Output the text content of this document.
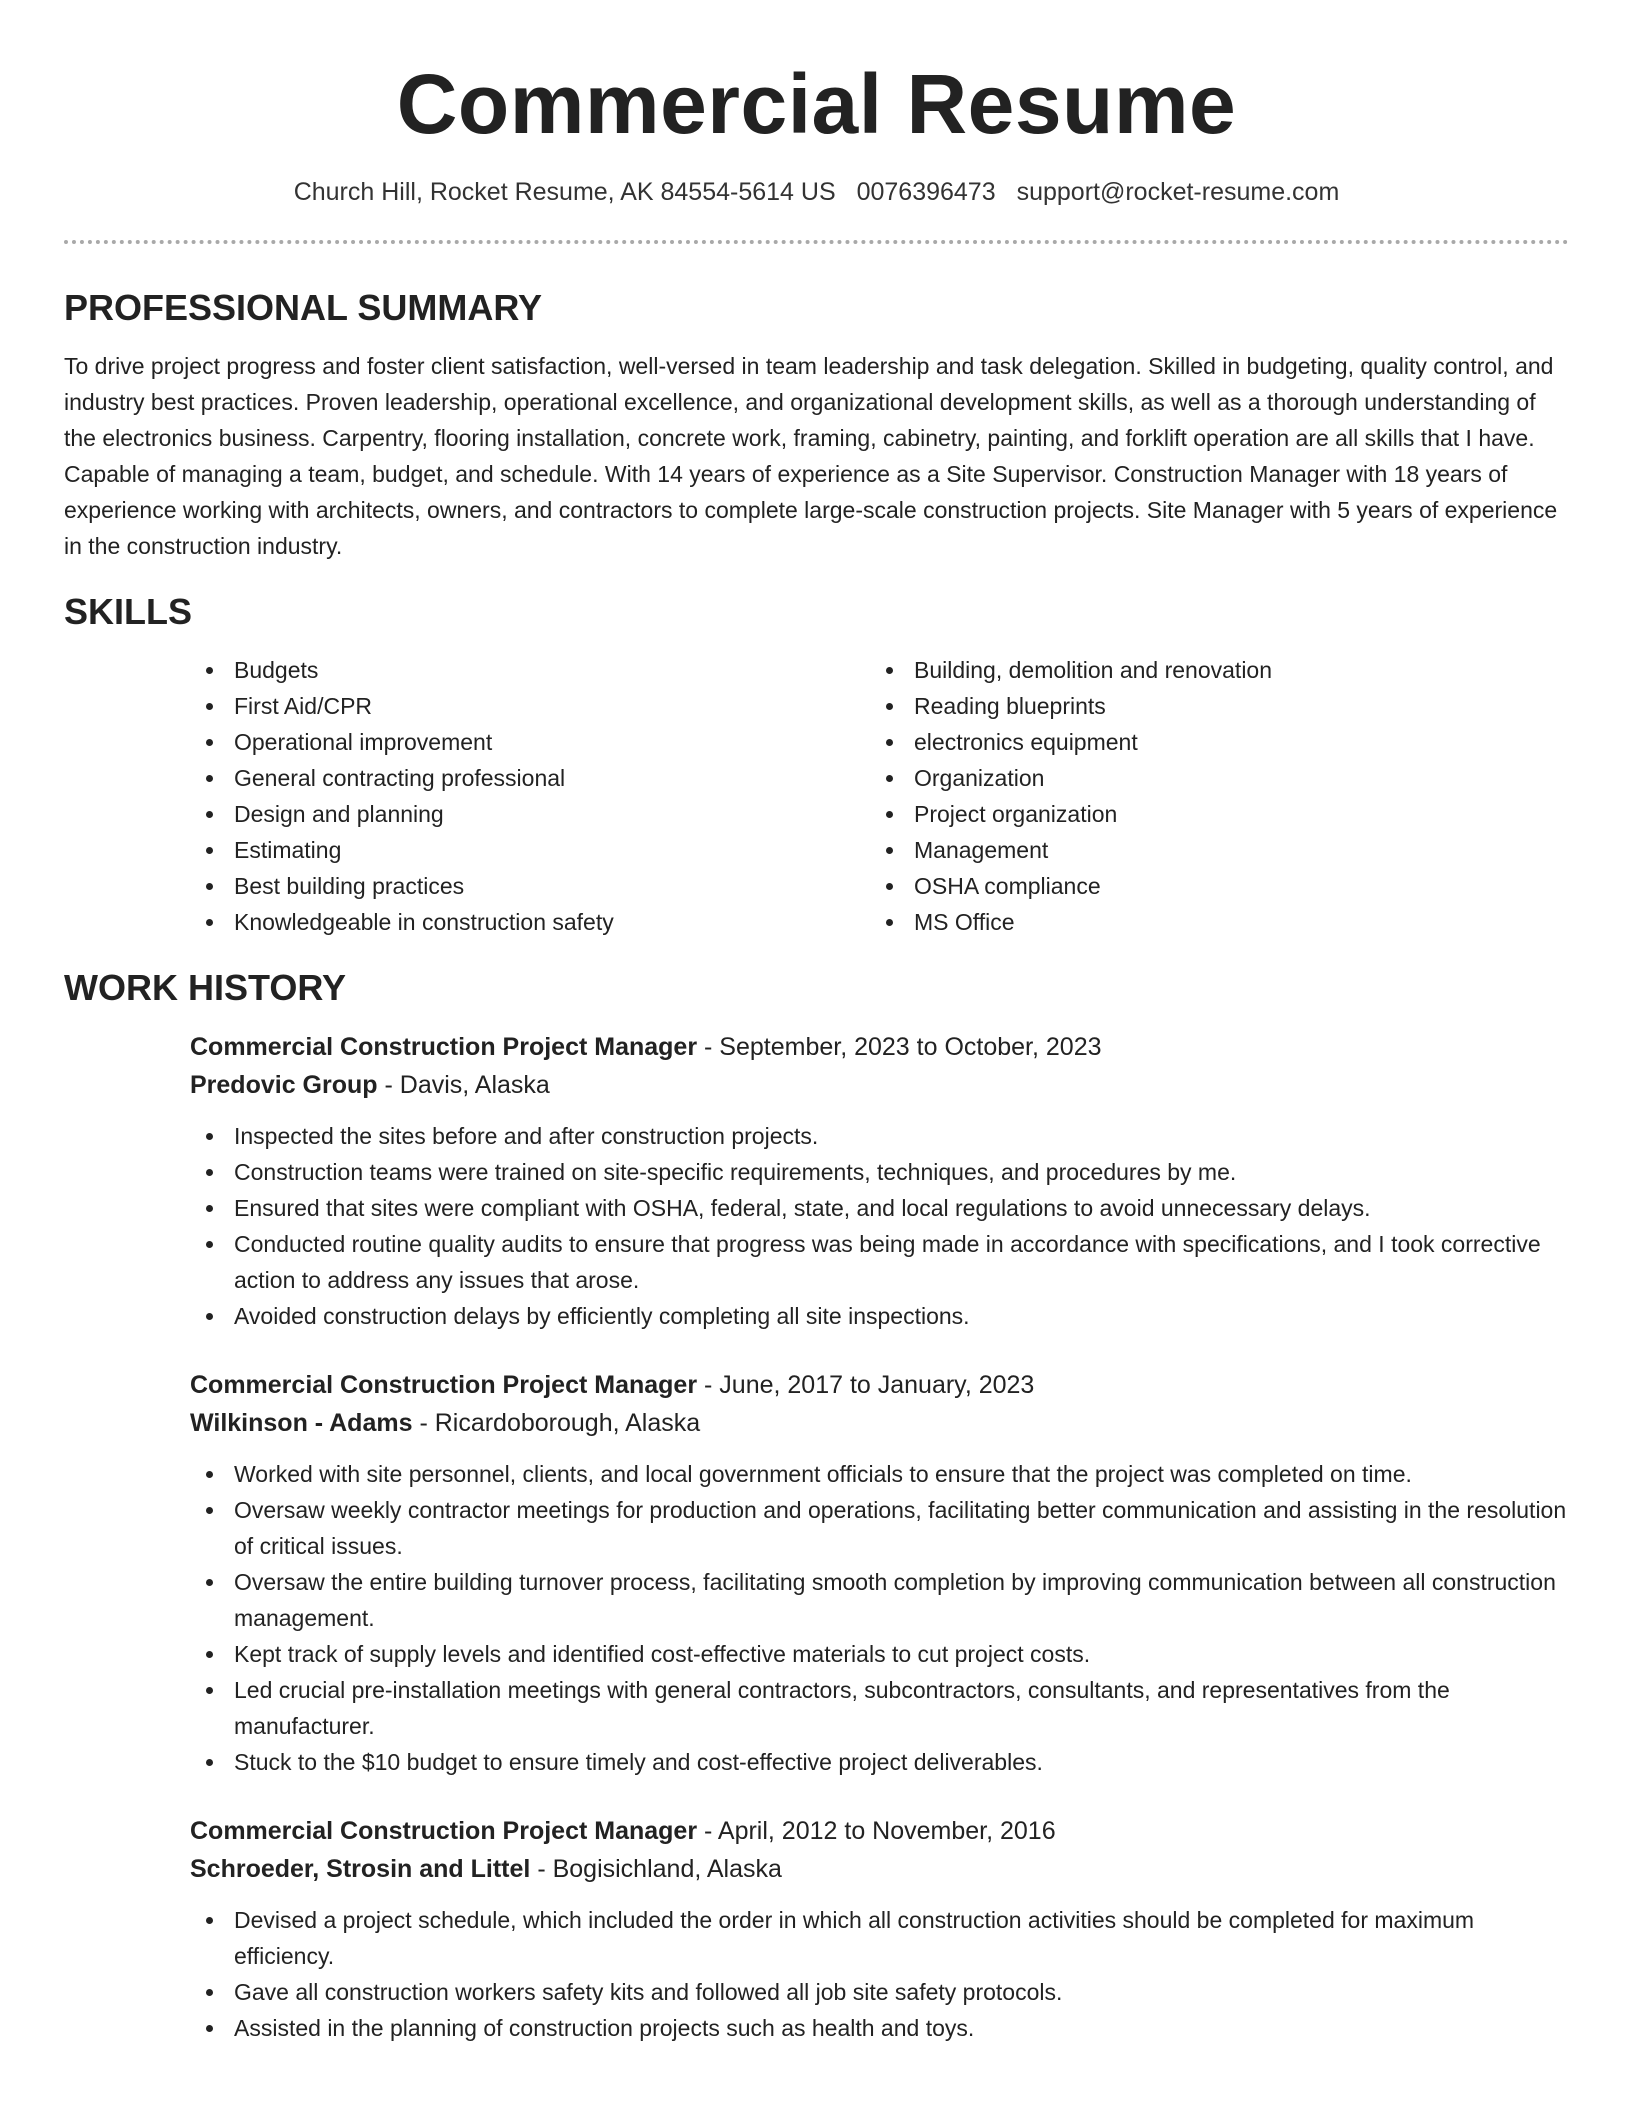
Commercial Resume
Church Hill, Rocket Resume, AK 84554-5614 US 0076396473 support@rocket-resume.com
PROFESSIONAL SUMMARY

To drive project progress and foster client satisfaction, well-versed in team leadership and task delegation. Skilled in budgeting, quality control, and industry best practices. Proven leadership, operational excellence, and organizational development skills, as well as a thorough understanding of the electronics business. Carpentry, flooring installation, concrete work, framing, cabinetry, painting, and forklift operation are all skills that I have. Capable of managing a team, budget, and schedule. With 14 years of experience as a Site Supervisor. Construction Manager with 18 years of experience working with architects, owners, and contractors to complete large-scale construction projects. Site Manager with 5 years of experience in the construction industry.

SKILLS
Budgets
First Aid/CPR
Operational improvement
General contracting professional
Design and planning
Estimating
Best building practices
Knowledgeable in construction safety
Building, demolition and renovation
Reading blueprints
electronics equipment
Organization
Project organization
Management
OSHA compliance
MS Office
WORK HISTORY
Commercial Construction Project Manager - September, 2023 to October, 2023
Predovic Group - Davis, Alaska
Inspected the sites before and after construction projects.
Construction teams were trained on site-specific requirements, techniques, and procedures by me.
Ensured that sites were compliant with OSHA, federal, state, and local regulations to avoid unnecessary delays.
Conducted routine quality audits to ensure that progress was being made in accordance with specifications, and I took corrective action to address any issues that arose.
Avoided construction delays by efficiently completing all site inspections.
Commercial Construction Project Manager - June, 2017 to January, 2023
Wilkinson - Adams - Ricardoborough, Alaska
Worked with site personnel, clients, and local government officials to ensure that the project was completed on time.
Oversaw weekly contractor meetings for production and operations, facilitating better communication and assisting in the resolution of critical issues.
Oversaw the entire building turnover process, facilitating smooth completion by improving communication between all construction management.
Kept track of supply levels and identified cost-effective materials to cut project costs.
Led crucial pre-installation meetings with general contractors, subcontractors, consultants, and representatives from the manufacturer.
Stuck to the $10 budget to ensure timely and cost-effective project deliverables.
Commercial Construction Project Manager - April, 2012 to November, 2016
Schroeder, Strosin and Littel - Bogisichland, Alaska
Devised a project schedule, which included the order in which all construction activities should be completed for maximum efficiency.
Gave all construction workers safety kits and followed all job site safety protocols.
Assisted in the planning of construction projects such as health and toys.
